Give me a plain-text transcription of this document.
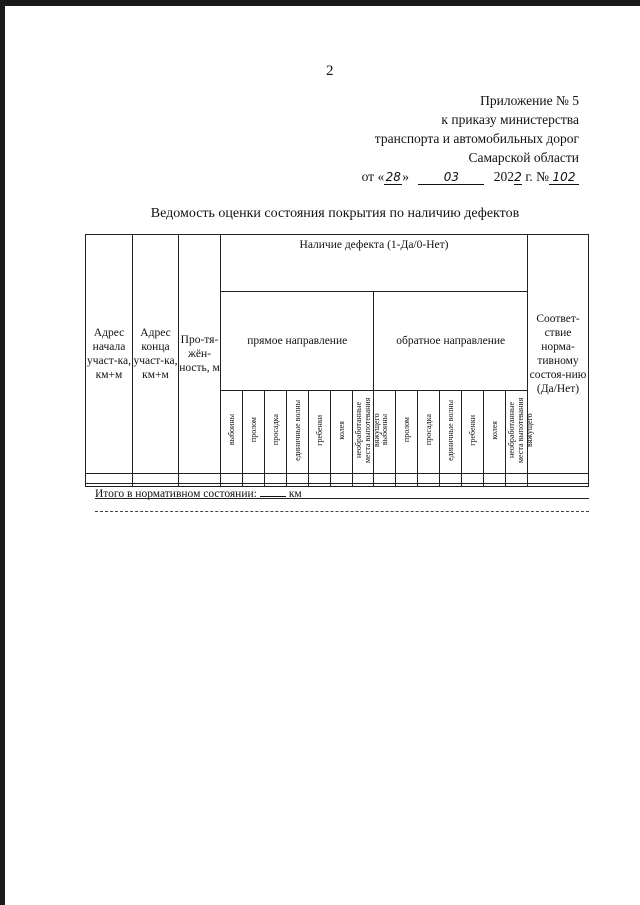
2
Приложение № 5
к приказу министерства
транспорта и автомобильных дорог
Самарской области
от «28»	03	2022 г. № 102
Ведомость оценки состояния покрытия по наличию дефектов
Адрес начала участ-ка, км+м	Адрес конца участ-ка, км+м	Про-тя-жён-ность, м	Наличие дефекта (1-Да/0-Нет)														Соответ-ствие норма-тивному состоя-нию (Да/Нет)
			прямое направление							обратное направление							
			выбоины	пролом	просадка	единичные волны	гребенки	колея	необработанные места выпотевания вяжущего	выбоины	пролом	просадка	единичные волны	гребенки	колея	необработанные места выпотевания вяжущего	

Итого в нормативном состоянии:	км
